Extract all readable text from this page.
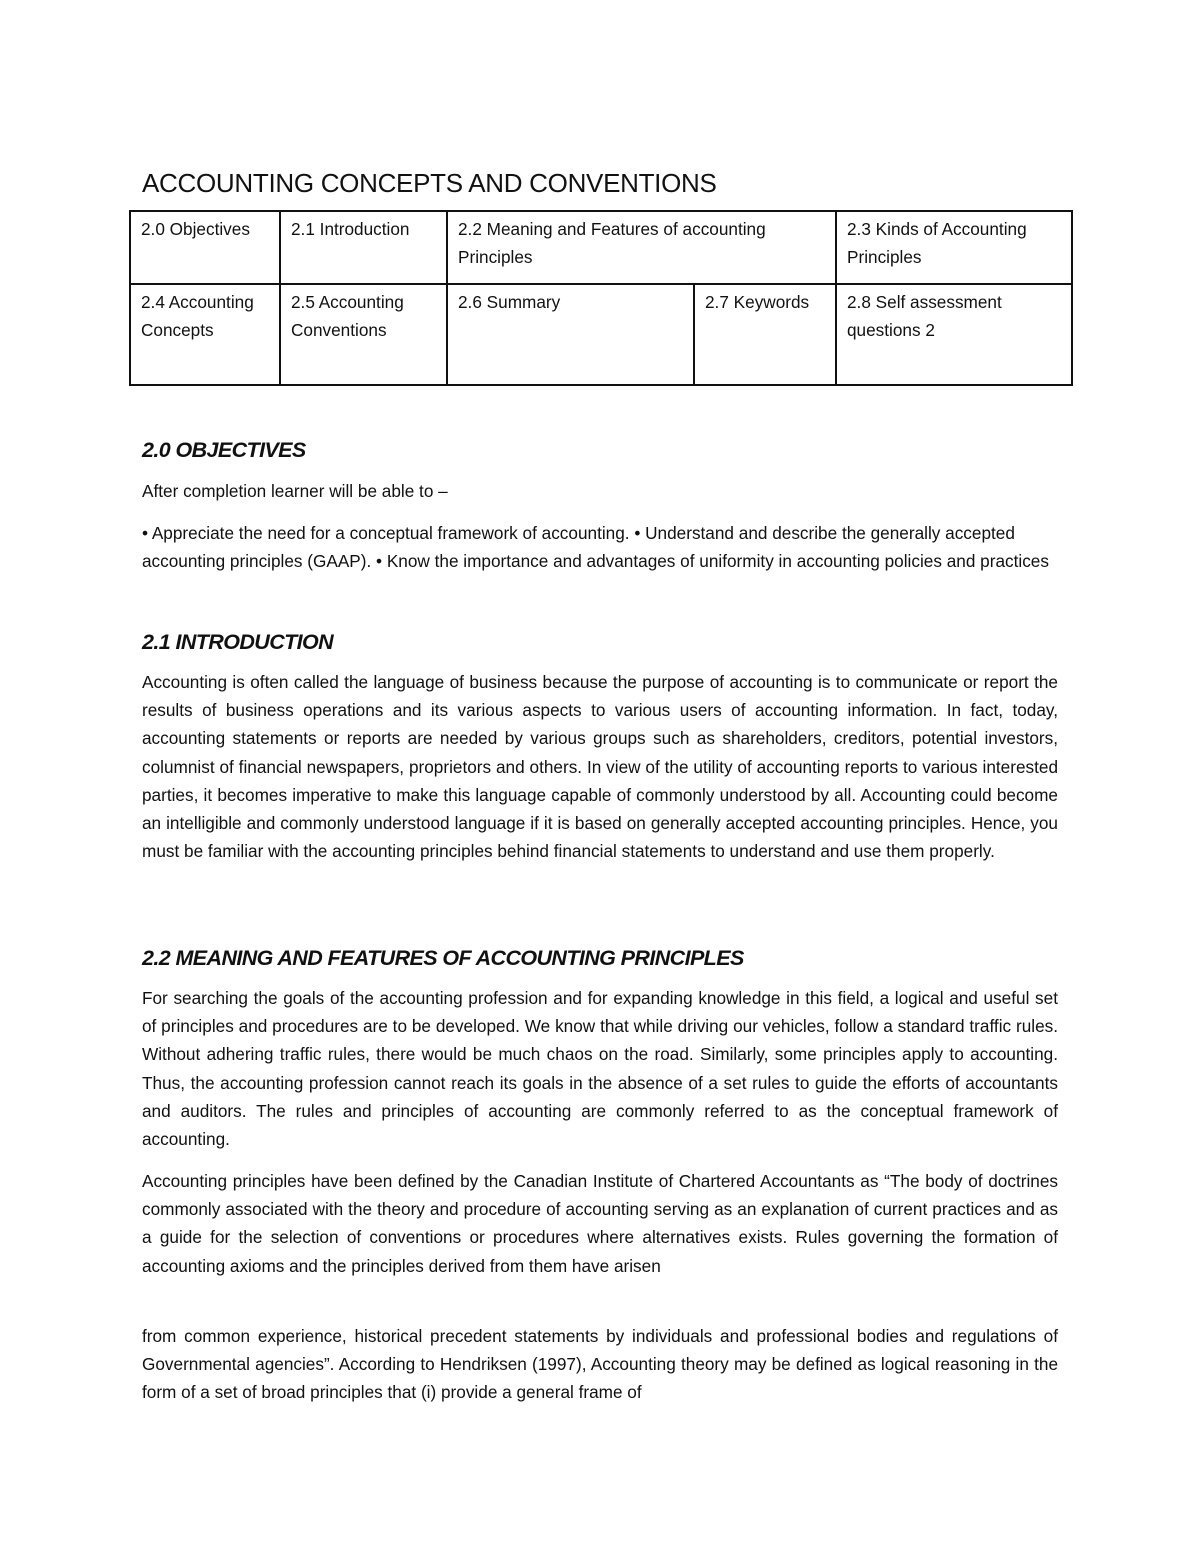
ACCOUNTING CONCEPTS AND CONVENTIONS
2.0 Objectives	2.1 Introduction	2.2 Meaning and Features of accounting Principles		2.3 Kinds of Accounting Principles
2.4 Accounting Concepts	2.5 Accounting Conventions	2.6 Summary	2.7 Keywords	2.8 Self assessment questions 2
2.0 OBJECTIVES

After completion learner will be able to –

• Appreciate the need for a conceptual framework of accounting. • Understand and describe the generally accepted accounting principles (GAAP). • Know the importance and advantages of uniformity in accounting policies and practices

2.1 INTRODUCTION

Accounting is often called the language of business because the purpose of accounting is to communicate or report the results of business operations and its various aspects to various users of accounting information. In fact, today, accounting statements or reports are needed by various groups such as shareholders, creditors, potential investors, columnist of financial newspapers, proprietors and others. In view of the utility of accounting reports to various interested parties, it becomes imperative to make this language capable of commonly understood by all. Accounting could become an intelligible and commonly understood language if it is based on generally accepted accounting principles. Hence, you must be familiar with the accounting principles behind financial statements to understand and use them properly.

2.2 MEANING AND FEATURES OF ACCOUNTING PRINCIPLES

For searching the goals of the accounting profession and for expanding knowledge in this field, a logical and useful set of principles and procedures are to be developed. We know that while driving our vehicles, follow a standard traffic rules. Without adhering traffic rules, there would be much chaos on the road. Similarly, some principles apply to accounting. Thus, the accounting profession cannot reach its goals in the absence of a set rules to guide the efforts of accountants and auditors. The rules and principles of accounting are commonly referred to as the conceptual framework of accounting.

Accounting principles have been defined by the Canadian Institute of Chartered Accountants as “The body of doctrines commonly associated with the theory and procedure of accounting serving as an explanation of current practices and as a guide for the selection of conventions or procedures where alternatives exists. Rules governing the formation of accounting axioms and the principles derived from them have arisen

from common experience, historical precedent statements by individuals and professional bodies and regulations of Governmental agencies”. According to Hendriksen (1997), Accounting theory may be defined as logical reasoning in the form of a set of broad principles that (i) provide a general frame of
